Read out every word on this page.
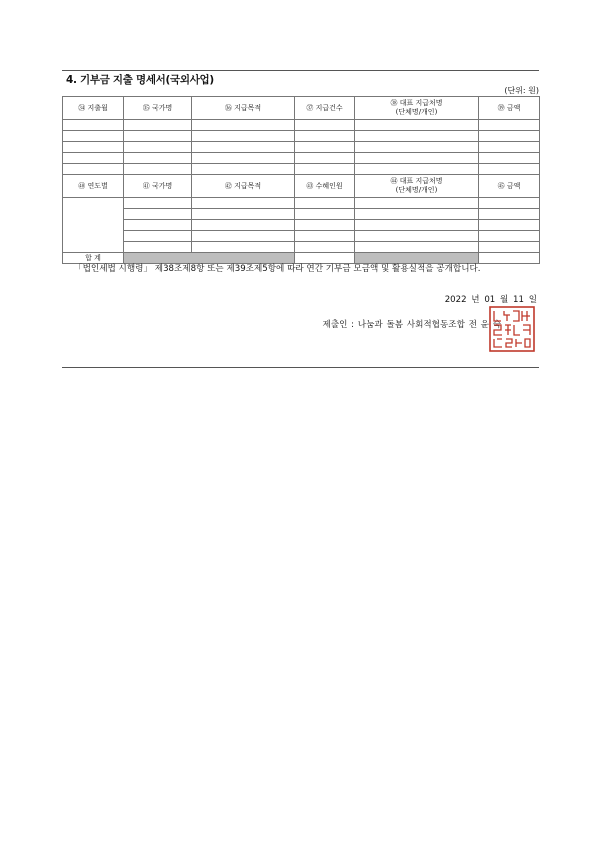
4. 기부금 지출 명세서(국외사업)
(단위: 원)
㉞ 지출월	㉟ 국가명	㊱ 지급목적	㊲ 지급건수	㊳ 대표 지급처명
(단체명/개인)	㊴ 금액

㊵ 연도별	㊶ 국가명	㊷ 지급목적	㊸ 수혜인원	㊹ 대표 지급처명
(단체명/개인)	㊺ 금액

합 계					
「법인세법 시행령」 제38조제8항 또는 제39조제5항에 따라 연간 기부금 모금액 및 활용실적을 공개합니다.
2022 년 01 월 11 일
제출인 : 나눔과 돌봄 사회적협동조합 전 윤 숙
